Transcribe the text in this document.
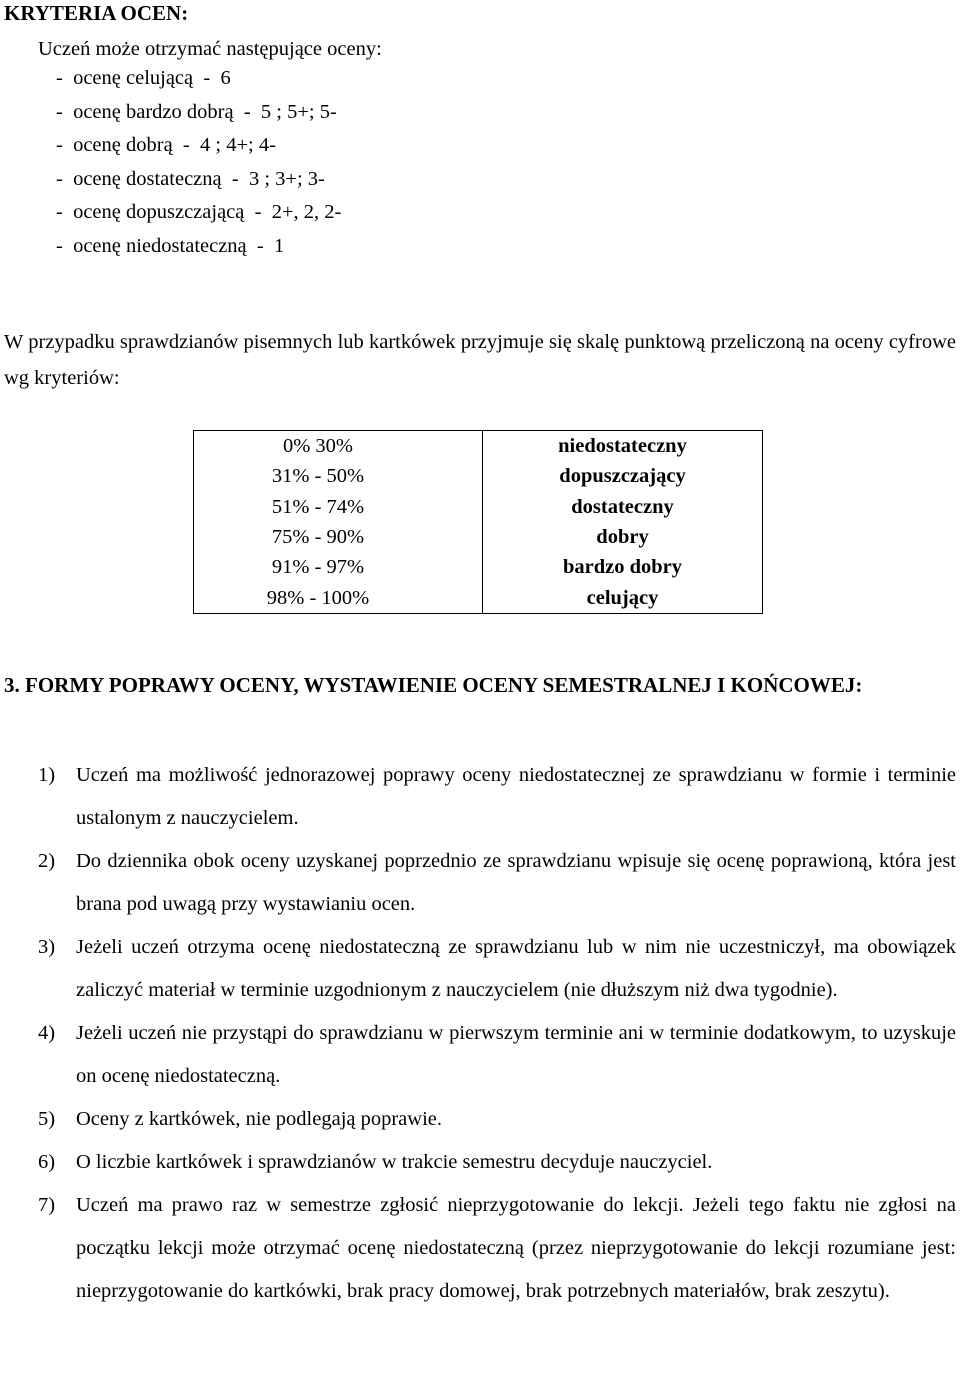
KRYTERIA OCEN:
Uczeń może otrzymać następujące oceny:
-  ocenę celującą  -  6
-  ocenę bardzo dobrą  -  5 ; 5+; 5-
-  ocenę dobrą  -  4 ; 4+; 4-
-  ocenę dostateczną  -  3 ; 3+; 3-
-  ocenę dopuszczającą  -  2+, 2, 2-
-  ocenę niedostateczną  -  1
W przypadku sprawdzianów pisemnych lub kartkówek przyjmuje się skalę punktową przeliczoną na oceny cyfrowe wg kryteriów:
0% 30%	niedostateczny
31% - 50%	dopuszczający
51% - 74%	dostateczny
75% - 90%	dobry
91% - 97%	bardzo dobry
98% - 100%	celujący
3. FORMY POPRAWY OCENY, WYSTAWIENIE OCENY SEMESTRALNEJ I KOŃCOWEJ:
1) Uczeń ma możliwość jednorazowej poprawy oceny niedostatecznej ze sprawdzianu w formie i terminie ustalonym z nauczycielem.
2) Do dziennika obok oceny uzyskanej poprzednio ze sprawdzianu wpisuje się ocenę poprawioną, która jest brana pod uwagą przy wystawianiu ocen.
3) Jeżeli uczeń otrzyma ocenę niedostateczną ze sprawdzianu lub w nim nie uczestniczył, ma obowiązek zaliczyć materiał w terminie uzgodnionym z nauczycielem (nie dłuższym niż dwa tygodnie).
4) Jeżeli uczeń nie przystąpi do sprawdzianu w pierwszym terminie ani w terminie dodatkowym, to uzyskuje on ocenę niedostateczną.
5) Oceny z kartkówek, nie podlegają poprawie.
6) O liczbie kartkówek i sprawdzianów w trakcie semestru decyduje nauczyciel.
7) Uczeń ma prawo raz w semestrze zgłosić nieprzygotowanie do lekcji. Jeżeli tego faktu nie zgłosi na początku lekcji może otrzymać ocenę niedostateczną (przez nieprzygotowanie do lekcji rozumiane jest: nieprzygotowanie do kartkówki, brak pracy domowej, brak potrzebnych materiałów, brak zeszytu).
